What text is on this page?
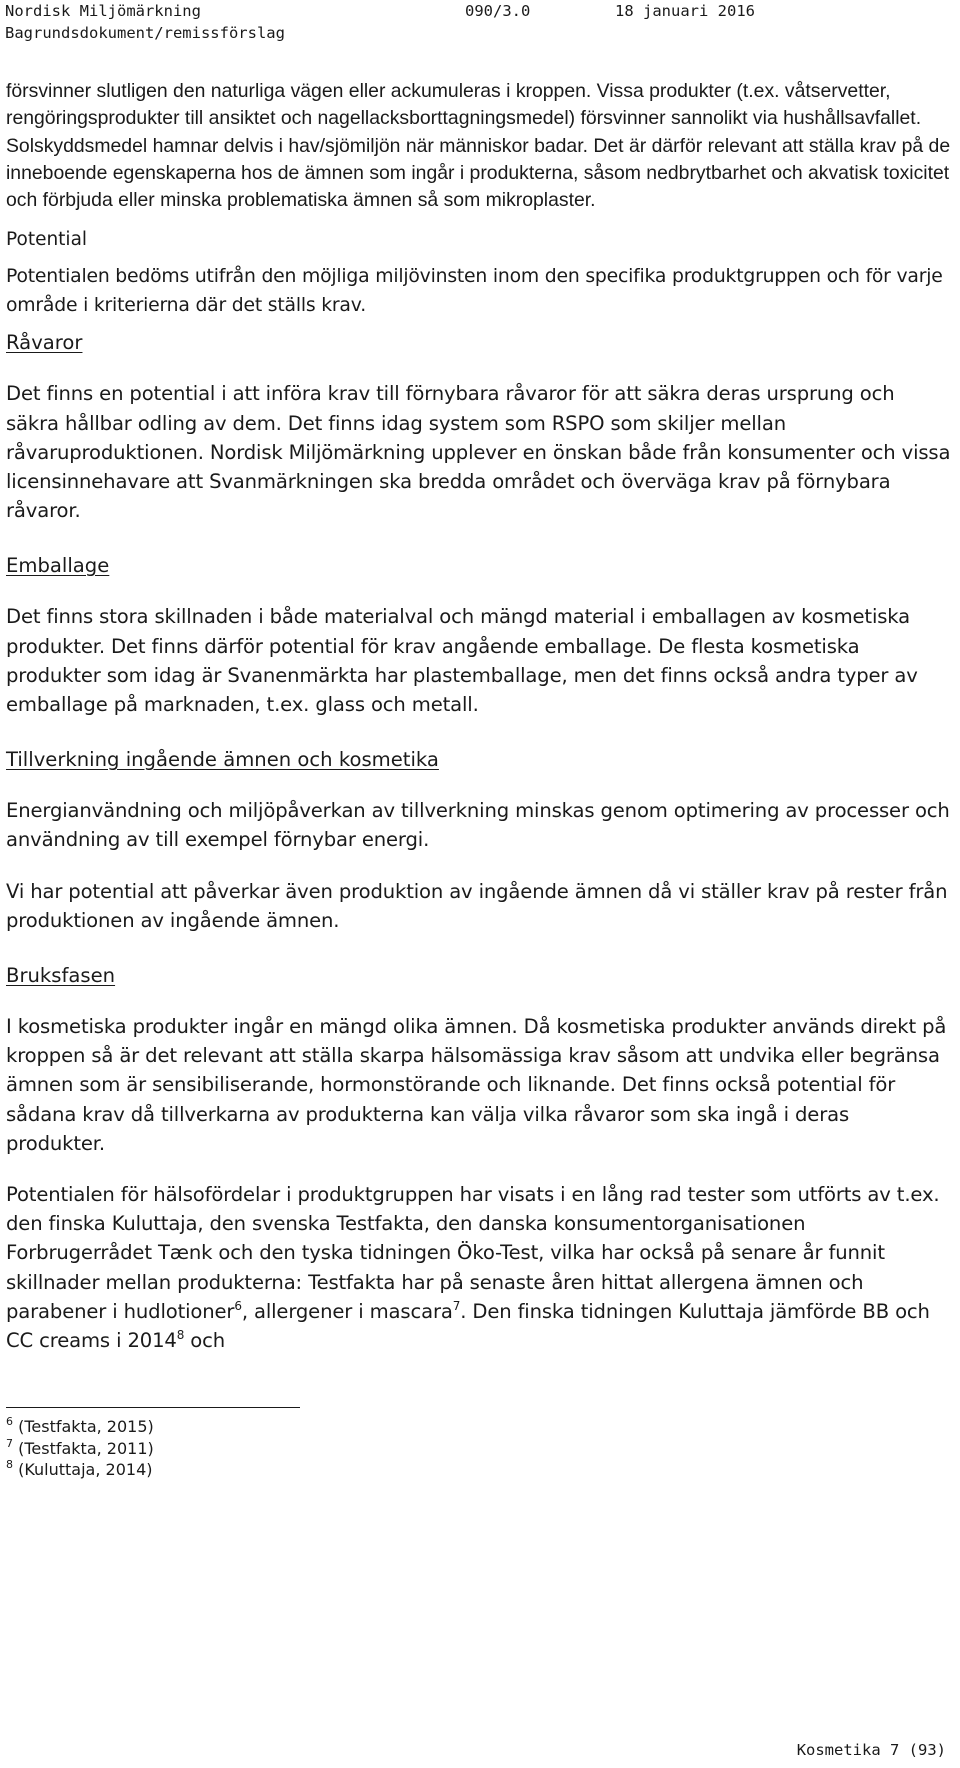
Nordisk Miljömärkning	090/3.0	18 januari 2016
Bagrundsdokument/remissförslag
försvinner slutligen den naturliga vägen eller ackumuleras i kroppen. Vissa produkter (t.ex. våtservetter, rengöringsprodukter till ansiktet och nagellacksborttagningsmedel) försvinner sannolikt via hushållsavfallet. Solskyddsmedel hamnar delvis i hav/sjömiljön när människor badar. Det är därför relevant att ställa krav på de inneboende egenskaperna hos de ämnen som ingår i produkterna, såsom nedbrytbarhet och akvatisk toxicitet och förbjuda eller minska problematiska ämnen så som mikroplaster.
Potential

Potentialen bedöms utifrån den möjliga miljövinsten inom den specifika produktgruppen och för varje område i kriterierna där det ställs krav.

Råvaror

Det finns en potential i att införa krav till förnybara råvaror för att säkra deras ursprung och säkra hållbar odling av dem. Det finns idag system som RSPO som skiljer mellan råvaruproduktionen. Nordisk Miljömärkning upplever en önskan både från konsumenter och vissa licensinnehavare att Svanmärkningen ska bredda området och överväga krav på förnybara råvaror.

Emballage

Det finns stora skillnaden i både materialval och mängd material i emballagen av kosmetiska produkter. Det finns därför potential för krav angående emballage. De flesta kosmetiska produkter som idag är Svanenmärkta har plastemballage, men det finns också andra typer av emballage på marknaden, t.ex. glass och metall.

Tillverkning ingående ämnen och kosmetika

Energianvändning och miljöpåverkan av tillverkning minskas genom optimering av processer och användning av till exempel förnybar energi.

Vi har potential att påverkar även produktion av ingående ämnen då vi ställer krav på rester från produktionen av ingående ämnen.

Bruksfasen

I kosmetiska produkter ingår en mängd olika ämnen. Då kosmetiska produkter används direkt på kroppen så är det relevant att ställa skarpa hälsomässiga krav såsom att undvika eller begränsa ämnen som är sensibiliserande, hormonstörande och liknande. Det finns också potential för sådana krav då tillverkarna av produkterna kan välja vilka råvaror som ska ingå i deras produkter.

Potentialen för hälsofördelar i produktgruppen har visats i en lång rad tester som utförts av t.ex. den finska Kuluttaja, den svenska Testfakta, den danska konsumentorganisationen Forbrugerrådet Tænk och den tyska tidningen Öko-Test, vilka har också på senare år funnit skillnader mellan produkterna: Testfakta har på senaste åren hittat allergena ämnen och parabener i hudlotioner$^6$, allergener i mascara$^7$. Den finska tidningen Kuluttaja jämförde BB och CC creams i 2014$^8$ och

$^6$ (Testfakta, 2015)
$^7$ (Testfakta, 2011)
$^8$ (Kuluttaja, 2014)
Kosmetika 7 (93)
